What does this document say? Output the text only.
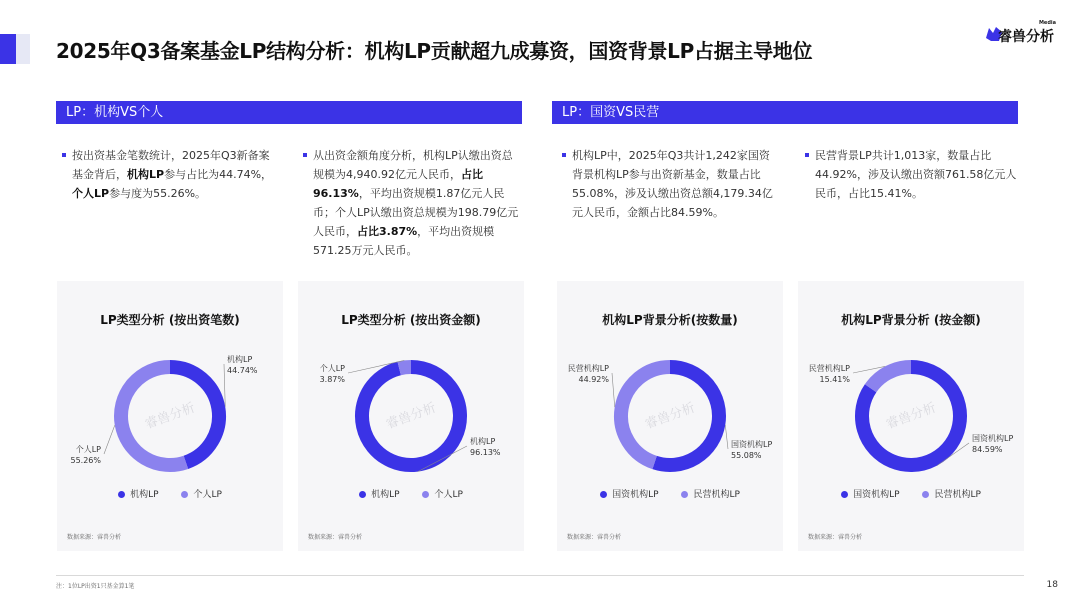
2025年Q3备案基金LP结构分析：机构LP贡献超九成募资，国资背景LP占据主导地位
Media
睿兽分析
LP：机构VS个人	LP：国资VS民营
按出资基金笔数统计，2025年Q3新备案基金背后，机构LP参与占比为44.74%，个人LP参与度为55.26%。
从出资金额角度分析，机构LP认缴出资总规模为4,940.92亿元人民币，占比96.13%，平均出资规模1.87亿元人民币；个人LP认缴出资总规模为198.79亿元人民币，占比3.87%，平均出资规模571.25万元人民币。
机构LP中，2025年Q3共计1,242家国资背景机构LP参与出资新基金，数量占比55.08%，涉及认缴出资总额4,179.34亿元人民币，金额占比84.59%。
民营背景LP共计1,013家，数量占比44.92%，涉及认缴出资额761.58亿元人民币，占比15.41%。
LP类型分析 (按出资笔数)
机构LP
44.74%
个人LP
55.26%
睿兽分析
机构LP	个人LP
数据来源：睿兽分析
LP类型分析 (按出资金额)
机构LP
96.13%
个人LP
3.87%
睿兽分析
机构LP	个人LP
数据来源：睿兽分析
机构LP背景分析(按数量)
国资机构LP
55.08%
民营机构LP
44.92%
睿兽分析
国资机构LP	民营机构LP
数据来源：睿兽分析
机构LP背景分析 (按金额)
国资机构LP
84.59%
民营机构LP
15.41%
睿兽分析
国资机构LP	民营机构LP
数据来源：睿兽分析
注：1位LP出资1只基金算1笔	18
